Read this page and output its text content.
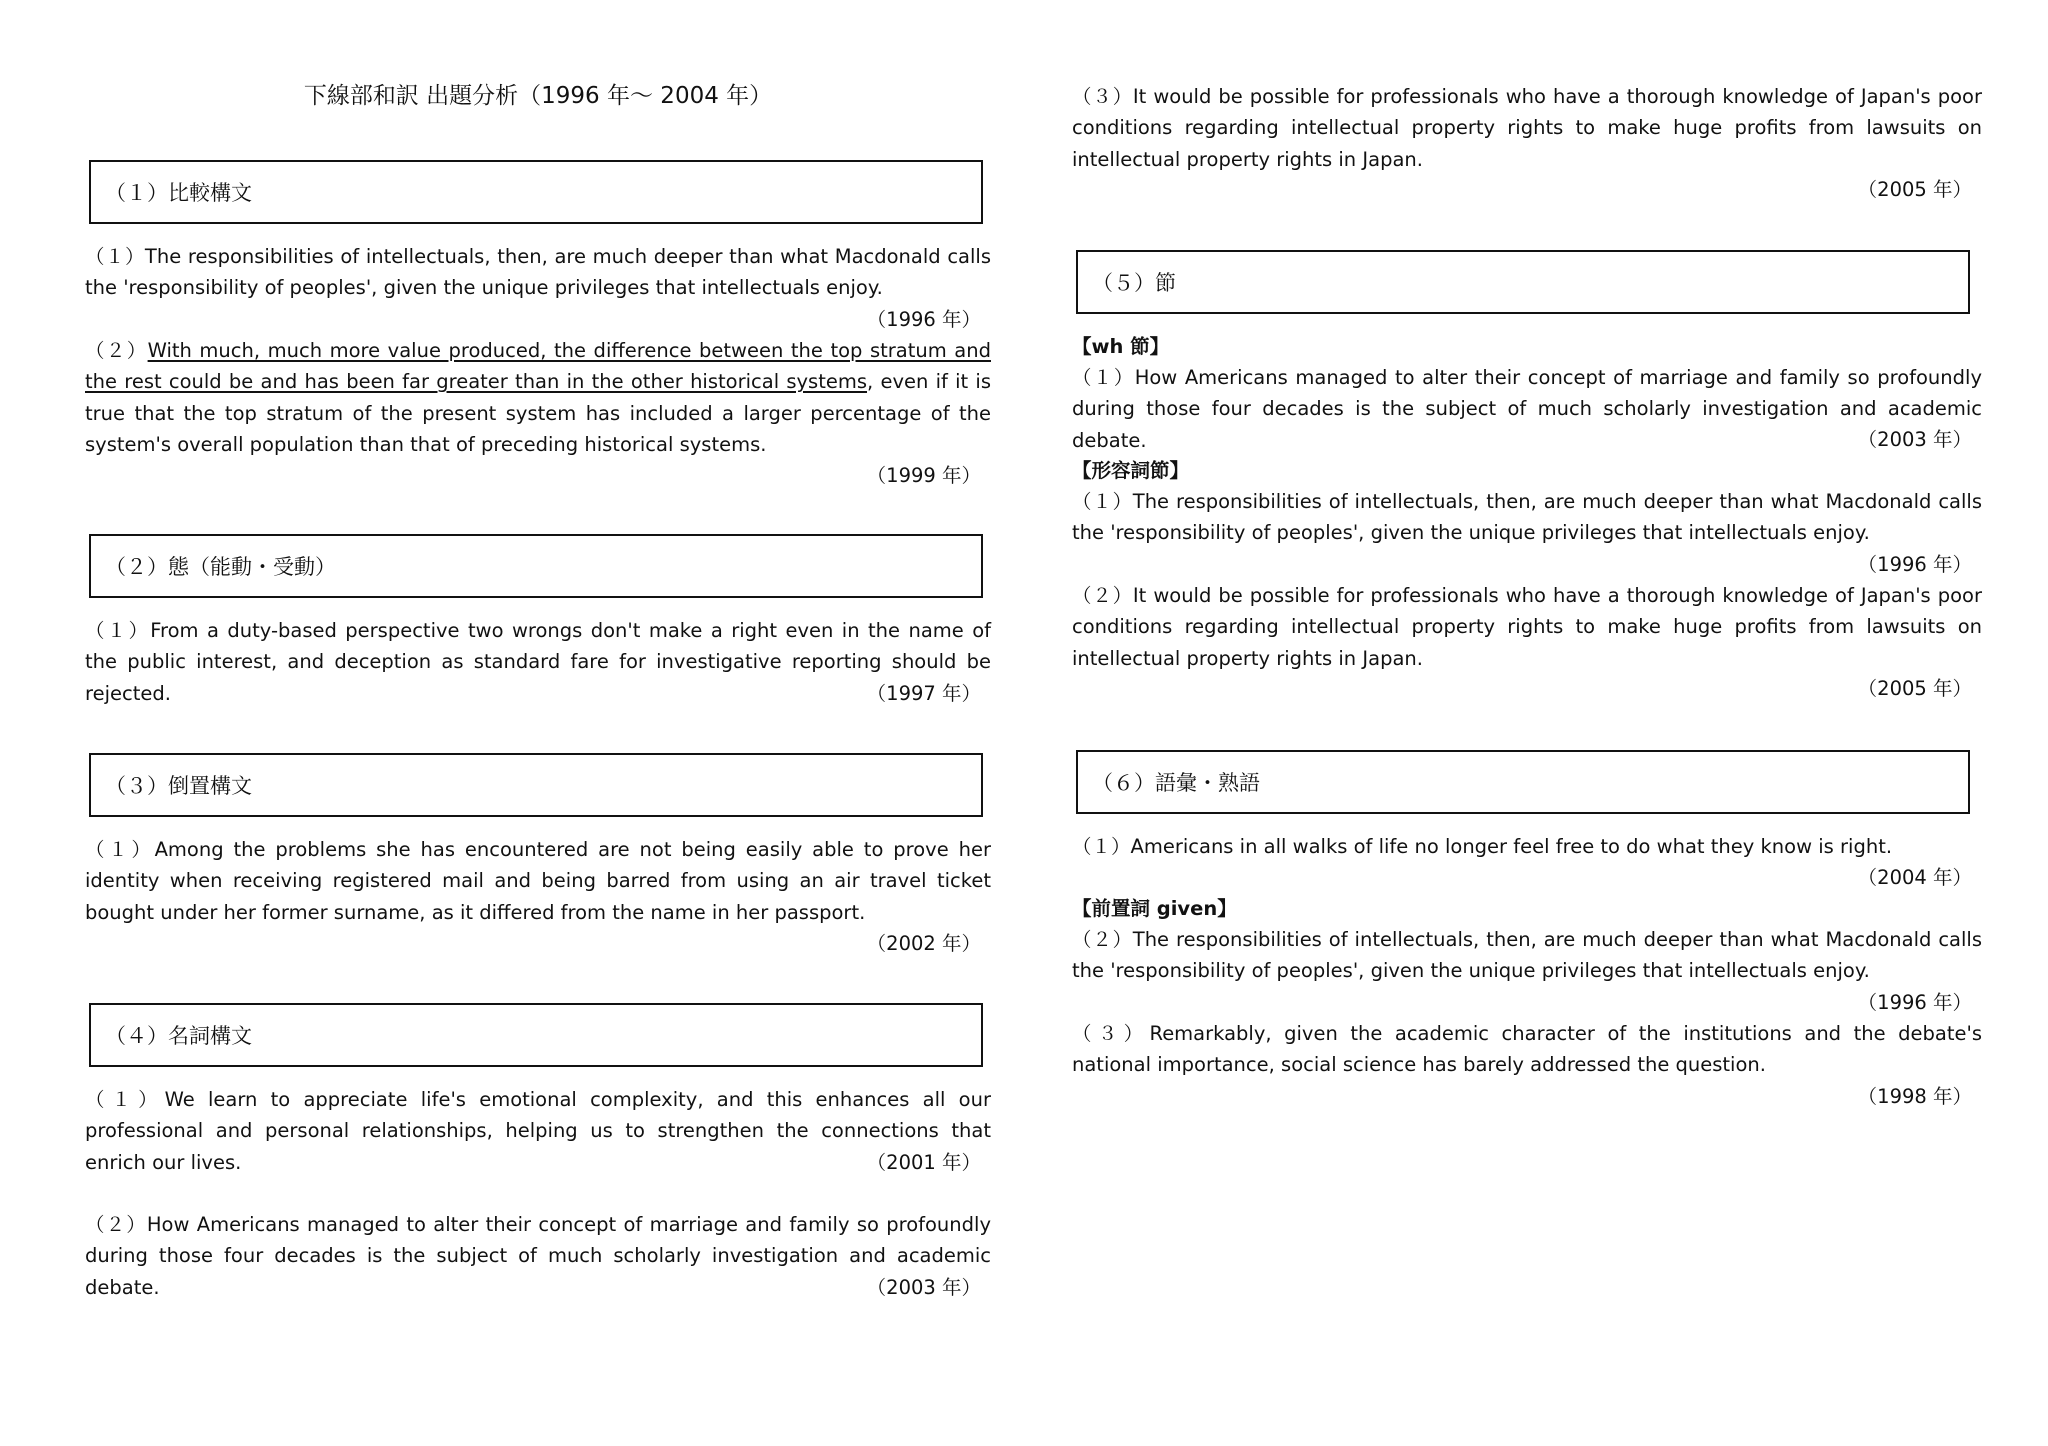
下線部和訳 出題分析（1996 年～ 2004 年）
（１）比較構文

（１）The responsibilities of intellectuals, then, are much deeper than what Macdonald calls the 'responsibility of peoples', given the unique privileges that intellectuals enjoy.

（1996 年）

（２）With much, much more value produced, the difference between the top stratum and the rest could be and has been far greater than in the other historical systems, even if it is true that the top stratum of the present system has included a larger percentage of the system's overall population than that of preceding historical systems.

（1999 年）
（２）態（能動・受動）

（１）From a duty-based perspective two wrongs don't make a right even in the name of the public interest, and deception as standard fare for investigative reporting should be rejected.	（1997 年）
（３）倒置構文

（１）Among the problems she has encountered are not being easily able to prove her identity when receiving registered mail and being barred from using an air travel ticket bought under her former surname, as it differed from the name in her passport.

（2002 年）
（４）名詞構文

（１）We learn to appreciate life's emotional complexity, and this enhances all our professional and personal relationships, helping us to strengthen the connections that enrich our lives.	（2001 年）

（２）How Americans managed to alter their concept of marriage and family so profoundly during those four decades is the subject of much scholarly investigation and academic debate.	（2003 年）

（３）It would be possible for professionals who have a thorough knowledge of Japan's poor conditions regarding intellectual property rights to make huge profits from lawsuits on intellectual property rights in Japan.

（2005 年）
（５）節
【wh 節】

（１）How Americans managed to alter their concept of marriage and family so profoundly during those four decades is the subject of much scholarly investigation and academic debate.	（2003 年）
【形容詞節】

（１）The responsibilities of intellectuals, then, are much deeper than what Macdonald calls the 'responsibility of peoples', given the unique privileges that intellectuals enjoy.

（1996 年）

（２）It would be possible for professionals who have a thorough knowledge of Japan's poor conditions regarding intellectual property rights to make huge profits from lawsuits on intellectual property rights in Japan.

（2005 年）
（６）語彙・熟語

（１）Americans in all walks of life no longer feel free to do what they know is right.

（2004 年）
【前置詞 given】

（２）The responsibilities of intellectuals, then, are much deeper than what Macdonald calls the 'responsibility of peoples', given the unique privileges that intellectuals enjoy.

（1996 年）

（３）Remarkably, given the academic character of the institutions and the debate's national importance, social science has barely addressed the question.

（1998 年）
